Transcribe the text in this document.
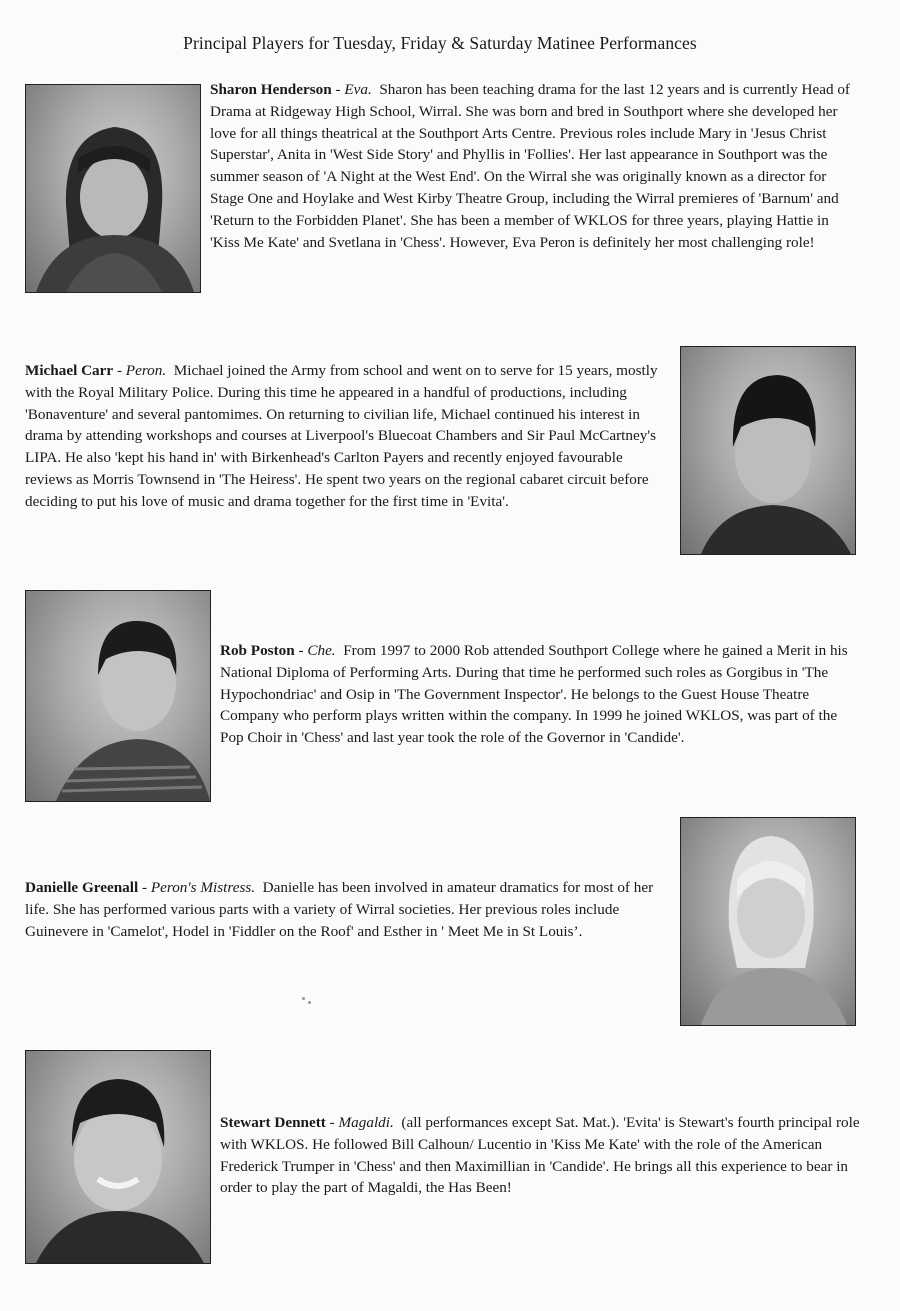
Principal Players for Tuesday, Friday & Saturday Matinee Performances
Sharon Henderson - Eva. Sharon has been teaching drama for the last 12 years and is currently Head of Drama at Ridgeway High School, Wirral. She was born and bred in Southport where she developed her love for all things theatrical at the Southport Arts Centre. Previous roles include Mary in 'Jesus Christ Superstar', Anita in 'West Side Story' and Phyllis in 'Follies'. Her last appearance in Southport was the summer season of 'A Night at the West End'. On the Wirral she was originally known as a director for Stage One and Hoylake and West Kirby Theatre Group, including the Wirral premieres of 'Barnum' and 'Return to the Forbidden Planet'. She has been a member of WKLOS for three years, playing Hattie in 'Kiss Me Kate' and Svetlana in 'Chess'. However, Eva Peron is definitely her most challenging role!
Michael Carr - Peron. Michael joined the Army from school and went on to serve for 15 years, mostly with the Royal Military Police. During this time he appeared in a handful of productions, including 'Bonaventure' and several pantomimes. On returning to civilian life, Michael continued his interest in drama by attending workshops and courses at Liverpool's Bluecoat Chambers and Sir Paul McCartney's LIPA. He also 'kept his hand in' with Birkenhead's Carlton Payers and recently enjoyed favourable reviews as Morris Townsend in 'The Heiress'. He spent two years on the regional cabaret circuit before deciding to put his love of music and drama together for the first time in 'Evita'.
Rob Poston - Che. From 1997 to 2000 Rob attended Southport College where he gained a Merit in his National Diploma of Performing Arts. During that time he performed such roles as Gorgibus in 'The Hypochondriac' and Osip in 'The Government Inspector'. He belongs to the Guest House Theatre Company who perform plays written within the company. In 1999 he joined WKLOS, was part of the Pop Choir in 'Chess' and last year took the role of the Governor in 'Candide'.
Danielle Greenall - Peron's Mistress. Danielle has been involved in amateur dramatics for most of her life. She has performed various parts with a variety of Wirral societies. Her previous roles include Guinevere in 'Camelot', Hodel in 'Fiddler on the Roof' and Esther in ' Meet Me in St Louis’.
Stewart Dennett - Magaldi. (all performances except Sat. Mat.). 'Evita' is Stewart's fourth principal role with WKLOS. He followed Bill Calhoun/ Lucentio in 'Kiss Me Kate' with the role of the American Frederick Trumper in 'Chess' and then Maximillian in 'Candide'. He brings all this experience to bear in order to play the part of Magaldi, the Has Been!
